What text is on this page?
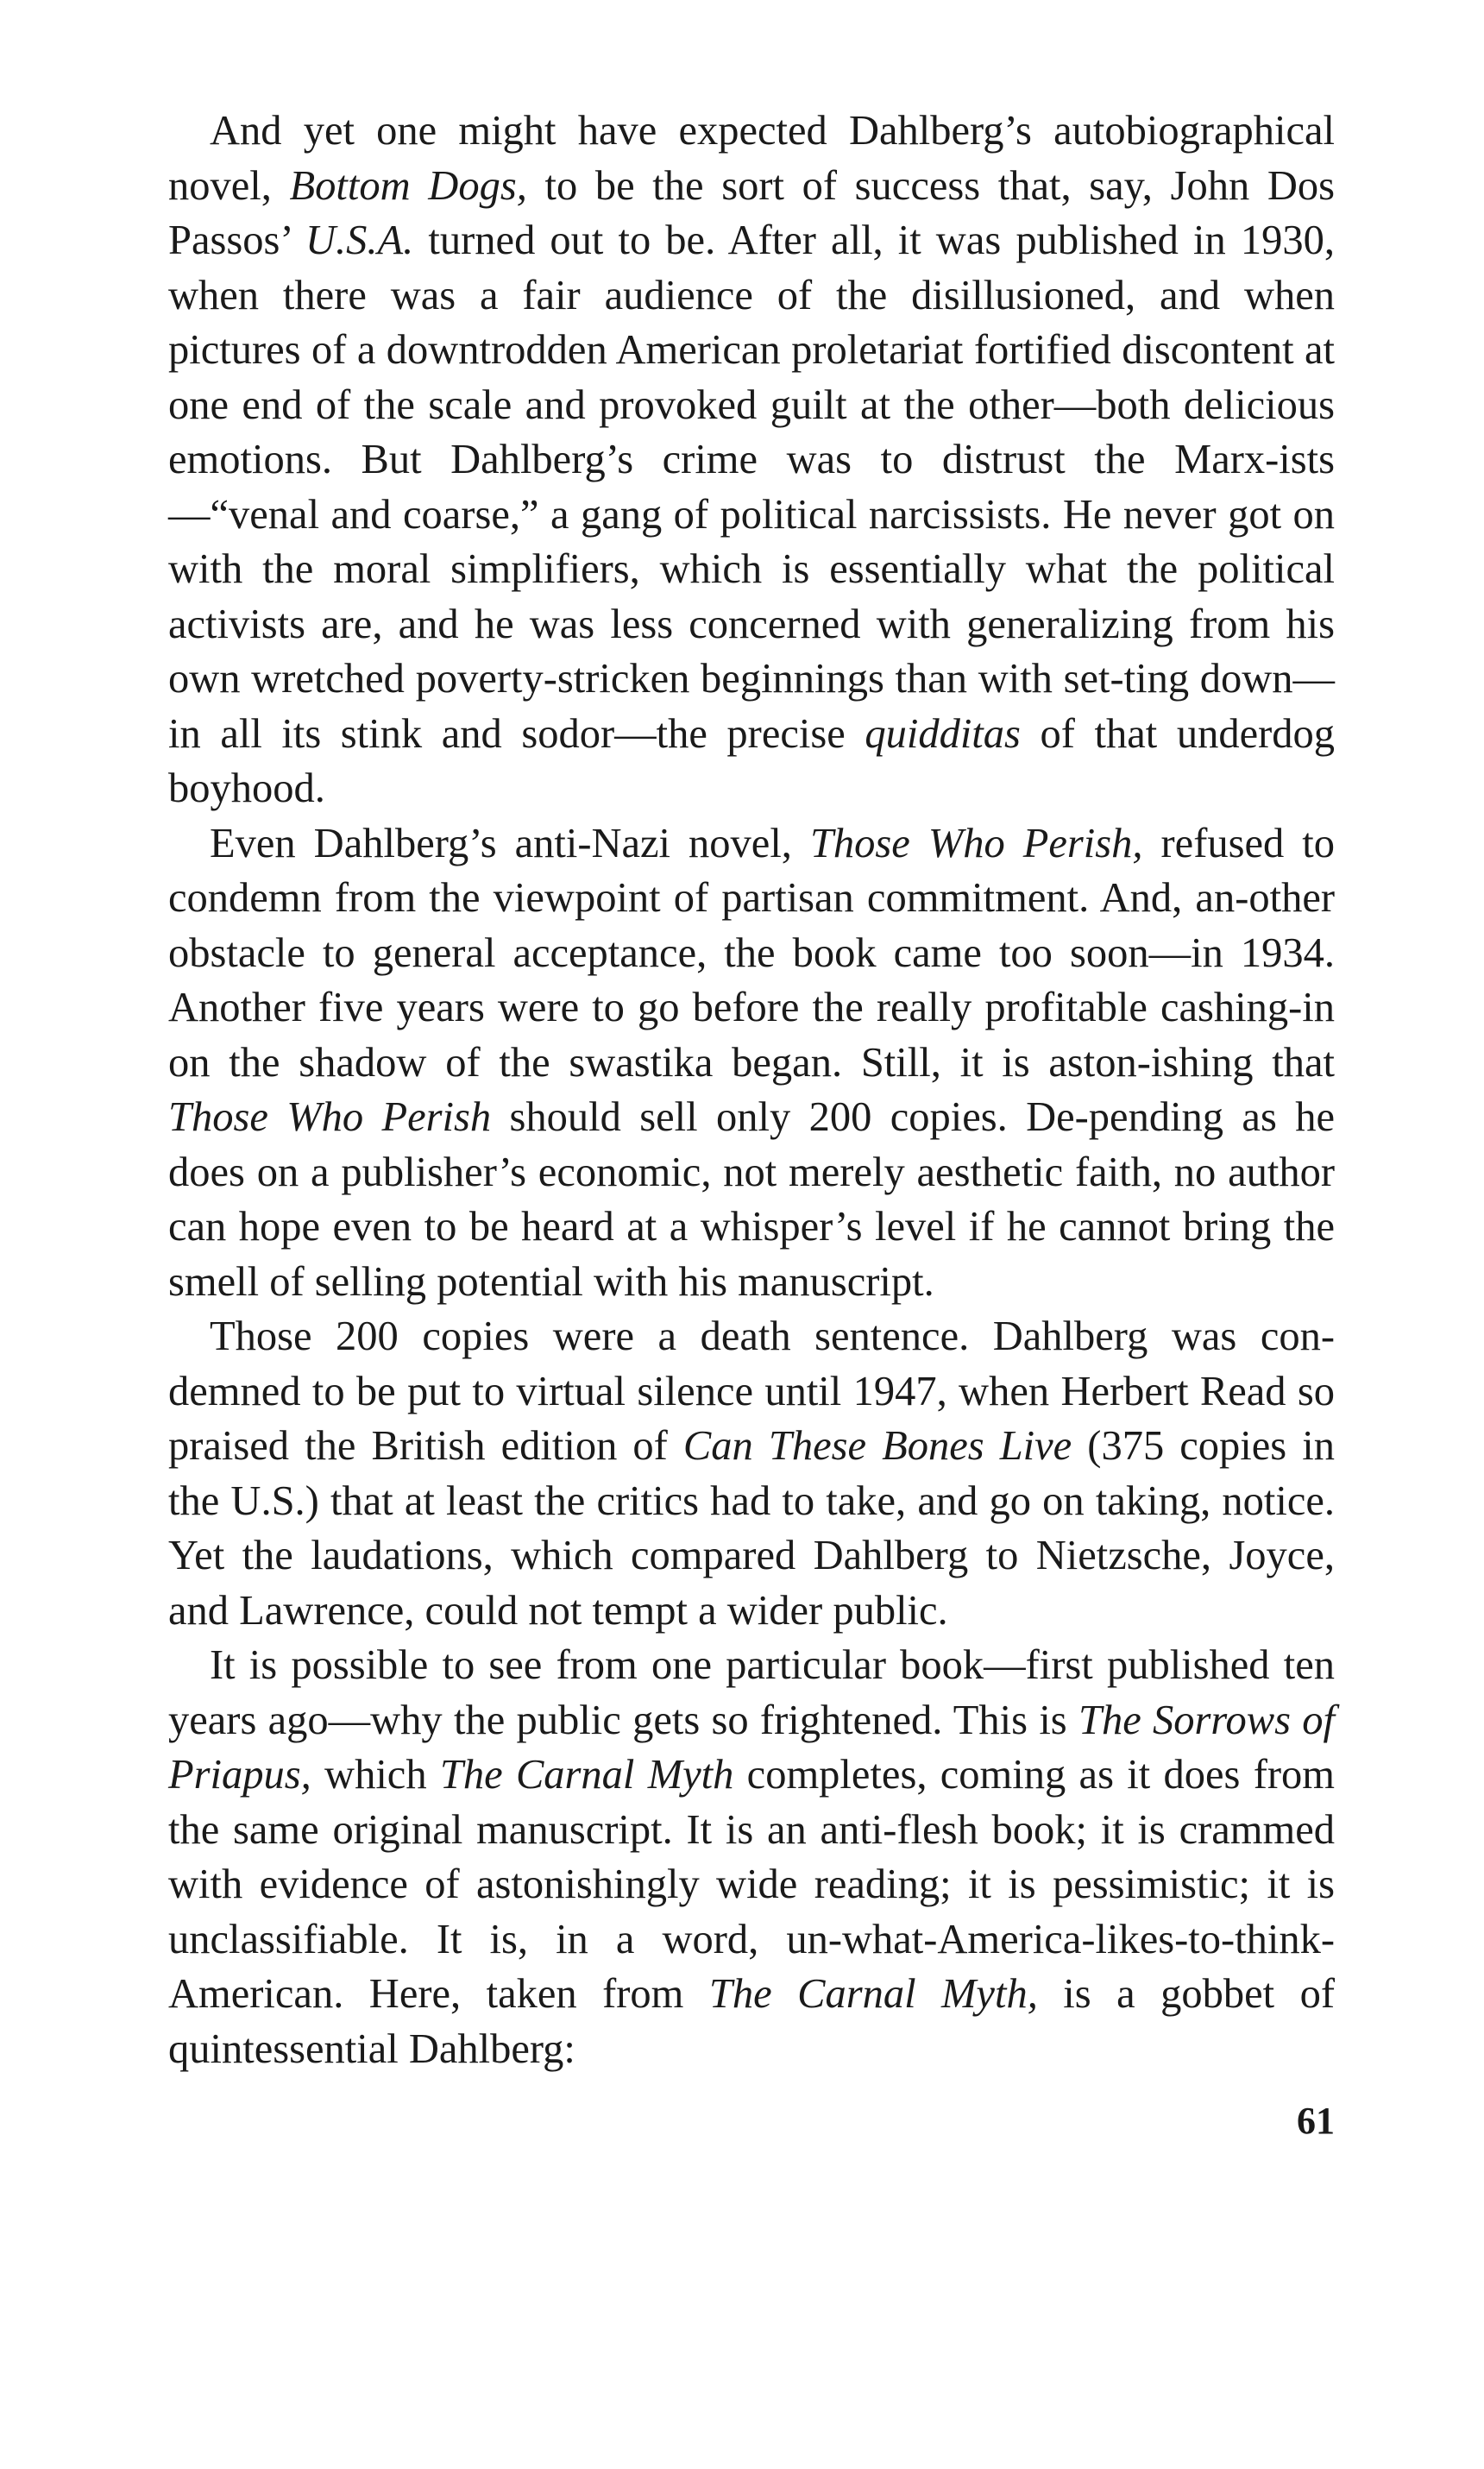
And yet one might have expected Dahlberg’s autobiographical novel, Bottom Dogs, to be the sort of success that, say, John Dos Passos’ U.S.A. turned out to be. After all, it was published in 1930, when there was a fair audience of the disillusioned, and when pictures of a downtrodden American proletariat fortified discontent at one end of the scale and provoked guilt at the other—both delicious emotions. But Dahlberg’s crime was to distrust the Marx-ists—“venal and coarse,” a gang of political narcissists. He never got on with the moral simplifiers, which is essentially what the political activists are, and he was less concerned with generalizing from his own wretched poverty-stricken beginnings than with set-ting down—in all its stink and sodor—the precise quidditas of that underdog boyhood.

Even Dahlberg’s anti-Nazi novel, Those Who Perish, refused to condemn from the viewpoint of partisan commitment. And, an-other obstacle to general acceptance, the book came too soon—in 1934. Another five years were to go before the really profitable cashing-in on the shadow of the swastika began. Still, it is aston-ishing that Those Who Perish should sell only 200 copies. De-pending as he does on a publisher’s economic, not merely aesthetic faith, no author can hope even to be heard at a whisper’s level if he cannot bring the smell of selling potential with his manuscript.

Those 200 copies were a death sentence. Dahlberg was con-demned to be put to virtual silence until 1947, when Herbert Read so praised the British edition of Can These Bones Live (375 copies in the U.S.) that at least the critics had to take, and go on taking, notice. Yet the laudations, which compared Dahlberg to Nietzsche, Joyce, and Lawrence, could not tempt a wider public.

It is possible to see from one particular book—first published ten years ago—why the public gets so frightened. This is The Sorrows of Priapus, which The Carnal Myth completes, coming as it does from the same original manuscript. It is an anti-flesh book; it is crammed with evidence of astonishingly wide reading; it is pessimistic; it is unclassifiable. It is, in a word, un-what-America-likes-to-think-American. Here, taken from The Carnal Myth, is a gobbet of quintessential Dahlberg:

61
